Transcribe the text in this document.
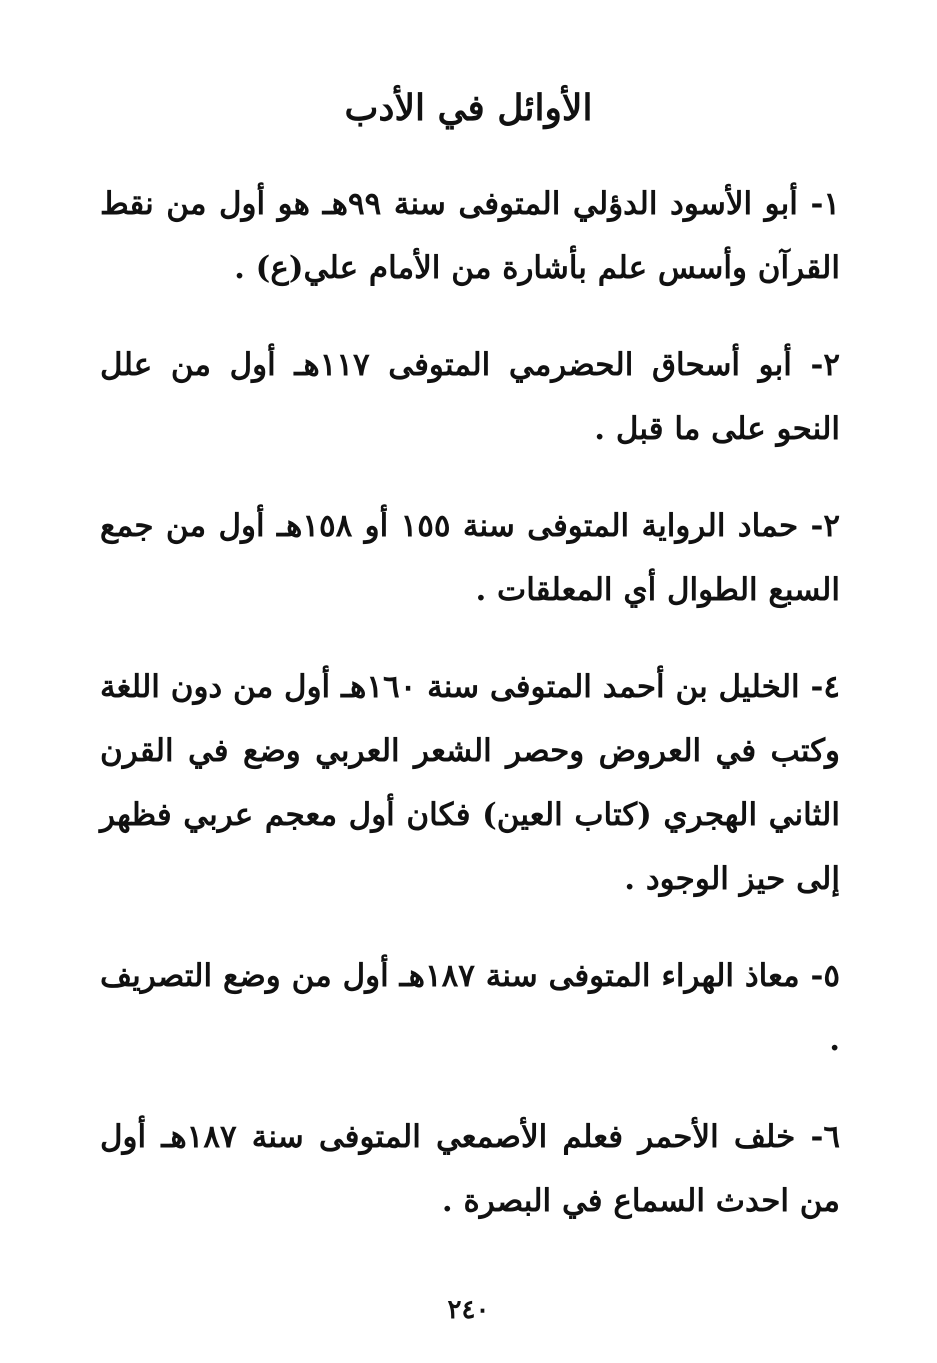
الأوائل في الأدب

١- أبو الأسود الدؤلي المتوفى سنة ٩٩هـ هو أول من نقط القرآن وأسس علم بأشارة من الأمام علي(ع) .

٢- أبو أسحاق الحضرمي المتوفى ١١٧هـ أول من علل النحو على ما قبل .

٢- حماد الرواية المتوفى سنة ١٥٥ أو ١٥٨هـ أول من جمع السبع الطوال أي المعلقات .

٤- الخليل بن أحمد المتوفى سنة ١٦٠هـ أول من دون اللغة وكتب في العروض وحصر الشعر العربي وضع في القرن الثاني الهجري (كتاب العين) فكان أول معجم عربي فظهر إلى حيز الوجود .

٥- معاذ الهراء المتوفى سنة ١٨٧هـ أول من وضع التصريف .

٦- خلف الأحمر فعلم الأصمعي المتوفى سنة ١٨٧هـ أول من احدث السماع في البصرة .

٢٤٠
